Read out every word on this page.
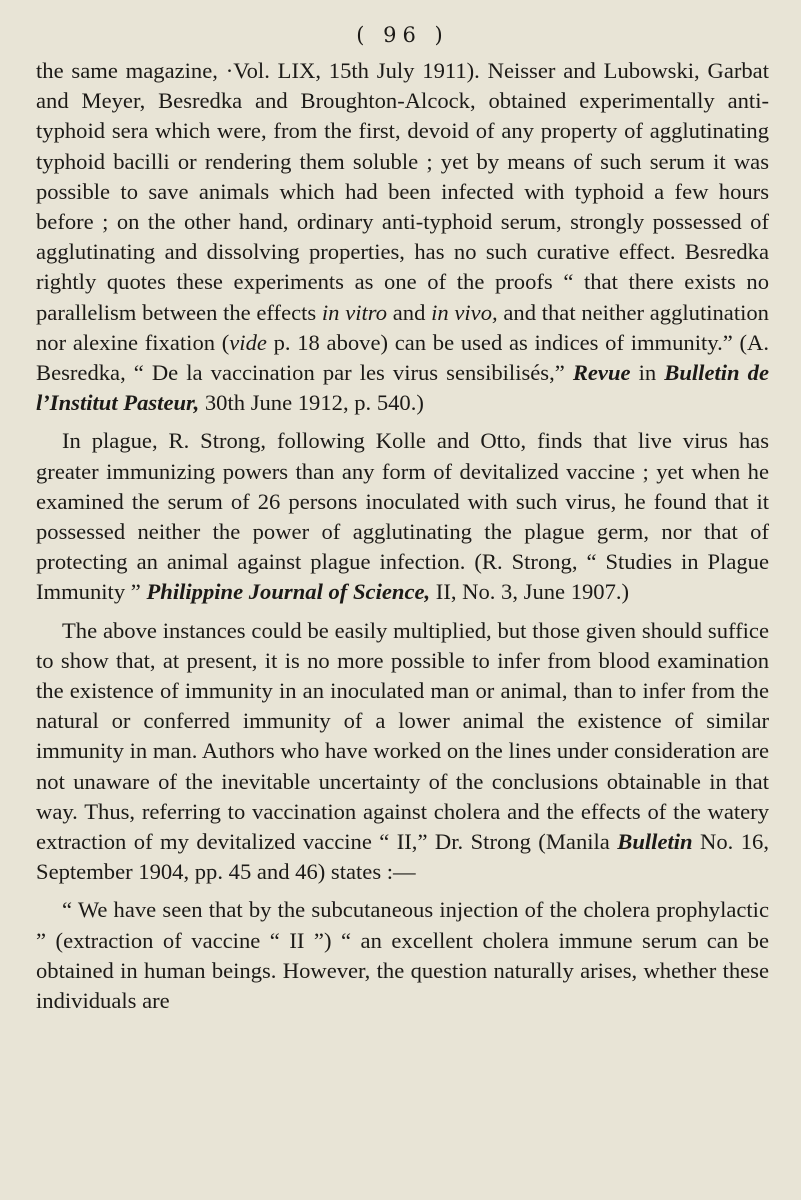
( 96 )

the same magazine, ·Vol. LIX, 15th July 1911). Neisser and Lubowski, Garbat and Meyer, Besredka and Broughton-Alcock, obtained experimentally anti-typhoid sera which were, from the first, devoid of any property of agglutinating typhoid bacilli or rendering them soluble ; yet by means of such serum it was possible to save animals which had been infected with typhoid a few hours before ; on the other hand, ordinary anti-typhoid serum, strongly possessed of agglutinating and dissolving properties, has no such curative effect. Besredka rightly quotes these experiments as one of the proofs “ that there exists no parallelism between the effects in vitro and in vivo, and that neither agglutination nor alexine fixation (vide p. 18 above) can be used as indices of immunity.” (A. Besredka, “ De la vaccination par les virus sensibilisés,” Revue in Bulletin de l’Institut Pasteur, 30th June 1912, p. 540.)

In plague, R. Strong, following Kolle and Otto, finds that live virus has greater immunizing powers than any form of devitalized vaccine ; yet when he examined the serum of 26 persons inoculated with such virus, he found that it possessed neither the power of agglutinating the plague germ, nor that of protecting an animal against plague infection. (R. Strong, “ Studies in Plague Immunity ” Philippine Journal of Science, II, No. 3, June 1907.)

The above instances could be easily multiplied, but those given should suffice to show that, at present, it is no more possible to infer from blood examination the existence of immunity in an inoculated man or animal, than to infer from the natural or conferred immunity of a lower animal the existence of similar immunity in man. Authors who have worked on the lines under consideration are not unaware of the inevitable uncertainty of the conclusions obtainable in that way. Thus, referring to vaccination against cholera and the effects of the watery extraction of my devitalized vaccine “ II,” Dr. Strong (Manila Bulletin No. 16, September 1904, pp. 45 and 46) states :—

“ We have seen that by the subcutaneous injection of the cholera prophylactic ” (extraction of vaccine “ II ”) “ an excellent cholera immune serum can be obtained in human beings. However, the question naturally arises, whether these individuals are
